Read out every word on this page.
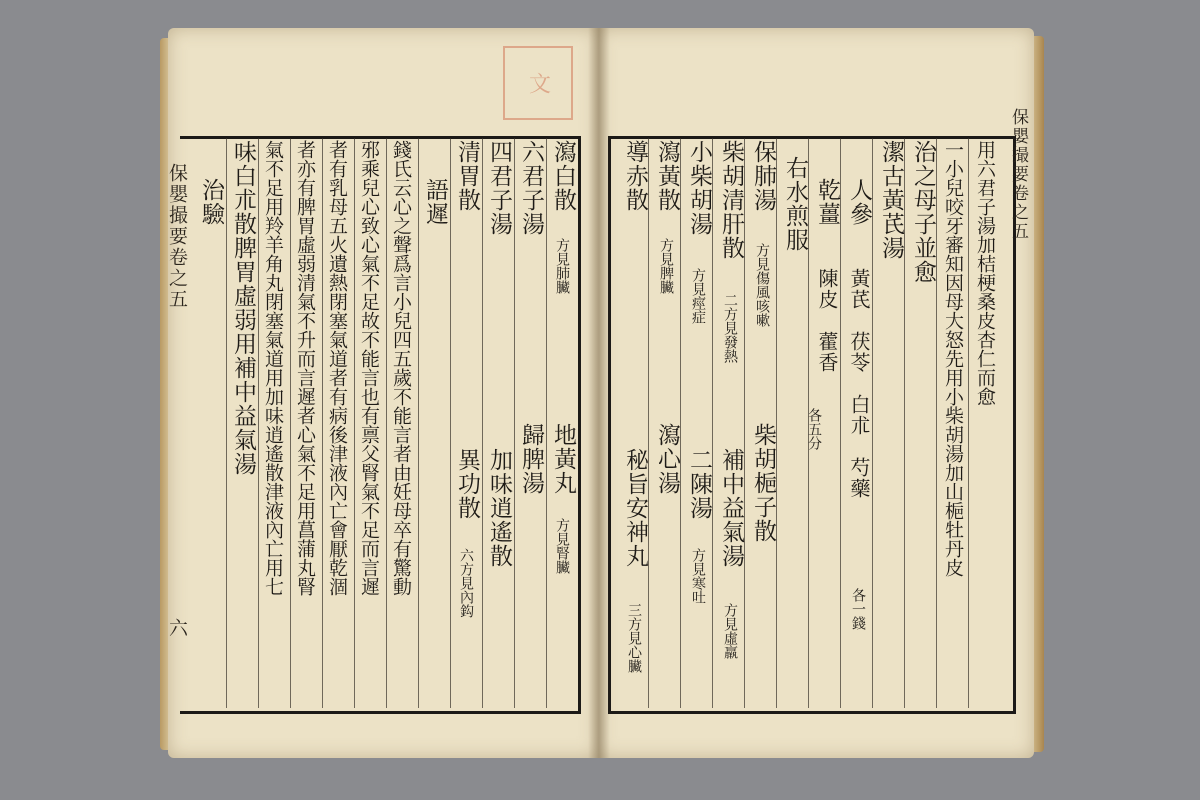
文
瀉白散
方見肺臟
六君子湯
四君子湯
清胃散
語遲
錢氏云心之聲爲言小兒四五歲不能言者由妊母卒有驚動
邪乘兒心致心氣不足故不能言也有禀父腎氣不足而言遲
者有乳母五火遺熱閉塞氣道者有病後津液內亡會厭乾涸
者亦有脾胃虛弱清氣不升而言遲者心氣不足用菖蒲丸腎
氣不足用羚羊角丸閉塞氣道用加味逍遙散津液內亡用七
味白朮散脾胃虛弱用補中益氣湯
治驗
地黃丸
方見腎臟
歸脾湯
加味逍遙散
異功散
六方見內鈎
保嬰撮要卷之五
六
用六君子湯加桔梗桑皮杏仁而愈
一小兒咬牙審知因母大怒先用小柴胡湯加山梔牡丹皮
治之母子並愈
潔古黃芪湯
人參
黃芪　茯苓　白朮　芍藥
各一錢
乾薑
陳皮　藿香
各五分
右水煎服
保肺湯
方見傷風咳嗽
柴胡清肝散
二方見發熱
小柴胡湯
方見痙症
瀉黃散
方見脾臟
導赤散
柴胡梔子散
補中益氣湯
方見虛羸
二陳湯
方見寒吐
瀉心湯
秘旨安神丸
三方見心臟
保嬰撮要卷之五
